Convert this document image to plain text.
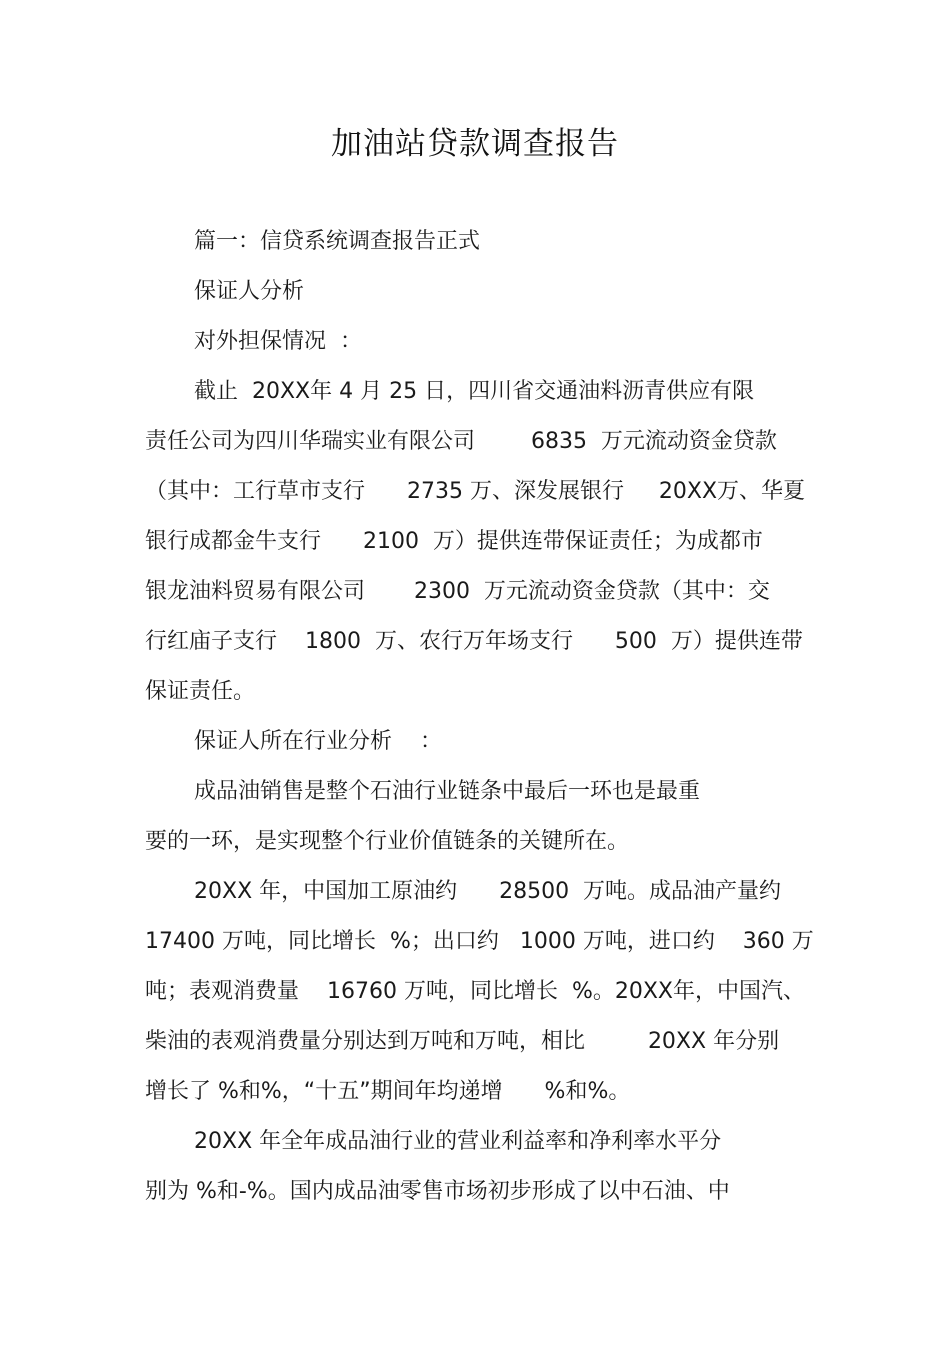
加油站贷款调查报告
篇一：信贷系统调查报告正式
保证人分析
对外担保情况  ：
截止  20XX年 4 月 25 日，四川省交通油料沥青供应有限
责任公司为四川华瑞实业有限公司        6835  万元流动资金贷款
（其中：工行草市支行      2735 万、深发展银行     20XX万、华夏
银行成都金牛支行      2100  万）提供连带保证责任；为成都市
银龙油料贸易有限公司       2300  万元流动资金贷款（其中：交
行红庙子支行    1800  万、农行万年场支行      500  万）提供连带
保证责任。
保证人所在行业分析    ：
成品油销售是整个石油行业链条中最后一环也是最重
要的一环，是实现整个行业价值链条的关键所在。
20XX 年，中国加工原油约      28500  万吨。成品油产量约
17400 万吨，同比增长  %；出口约   1000 万吨，进口约    360 万
吨；表观消费量    16760 万吨，同比增长  %。20XX年，中国汽、
柴油的表观消费量分别达到万吨和万吨，相比         20XX 年分别
增长了 %和%，“十五”期间年均递增      %和%。
20XX 年全年成品油行业的营业利益率和净利率水平分
别为 %和-%。国内成品油零售市场初步形成了以中石油、中
